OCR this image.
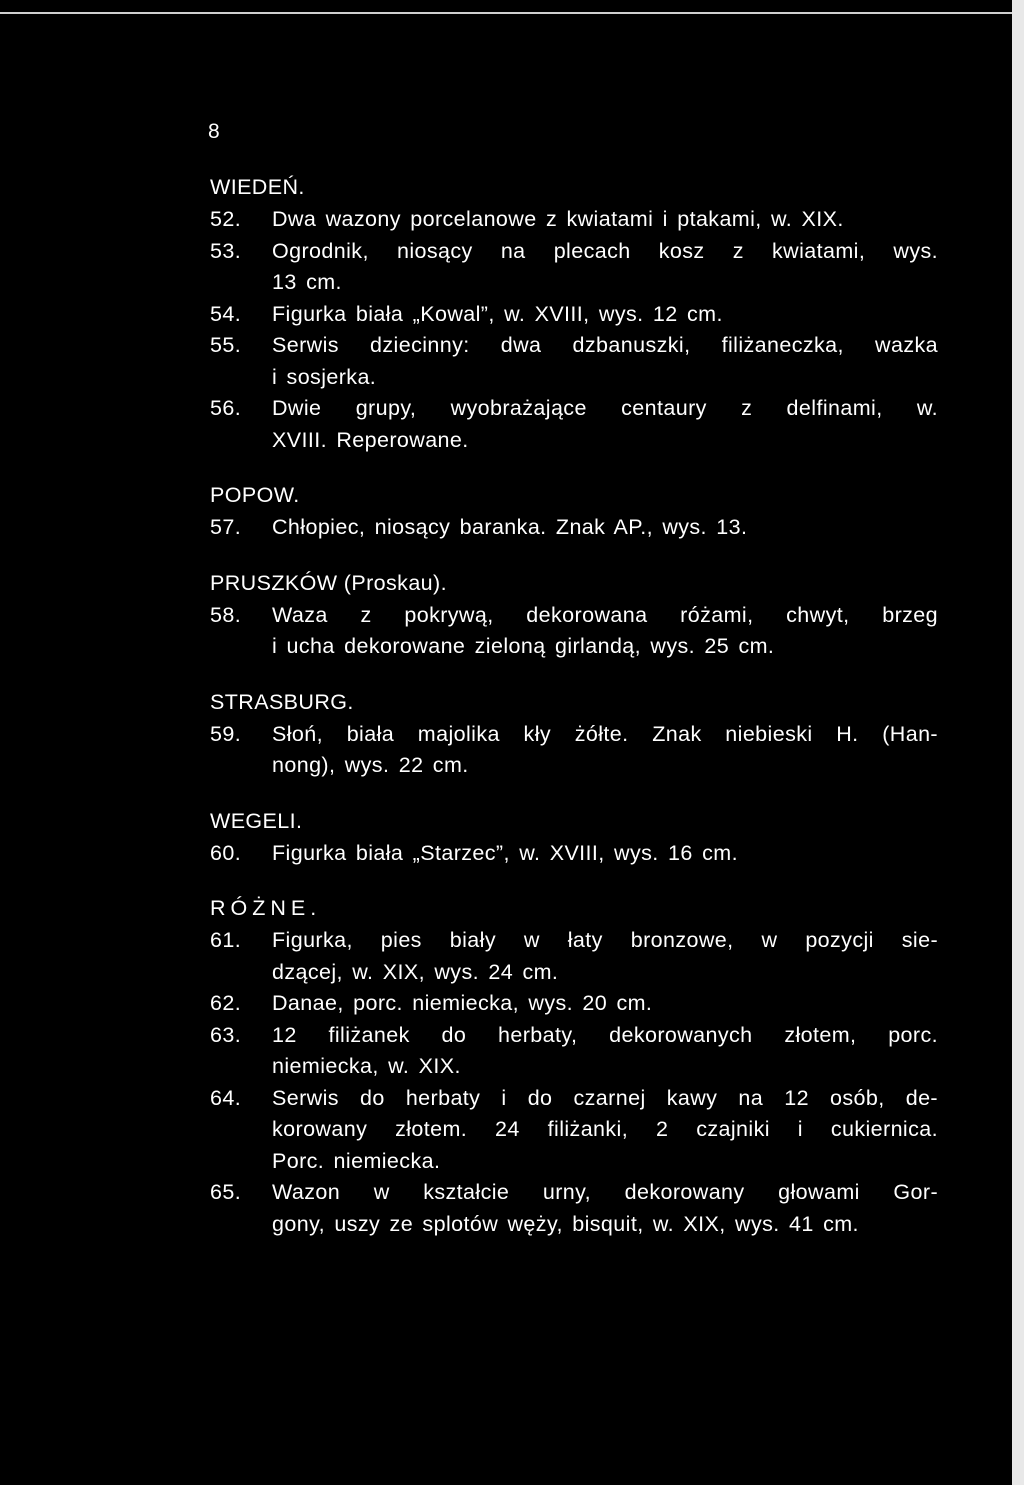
8
WIEDEŃ.
52.	Dwa wazony porcelanowe z kwiatami i ptakami, w. XIX.
53.	Ogrodnik, niosący na plecach kosz z kwiatami, wys.
13 cm.
54.	Figurka biała „Kowal”, w. XVIII, wys. 12 cm.
55.	Serwis dziecinny: dwa dzbanuszki, filiżaneczka, wazka
i sosjerka.
56.	Dwie grupy, wyobrażające centaury z delfinami, w.
XVIII. Reperowane.
POPOW.
57.	Chłopiec, niosący baranka. Znak AP., wys. 13.
PRUSZKÓW (Proskau).
58.	Waza z pokrywą, dekorowana różami, chwyt, brzeg
i ucha dekorowane zieloną girlandą, wys. 25 cm.
STRASBURG.
59.	Słoń, biała majolika kły żółte. Znak niebieski H. (Han-
nong), wys. 22 cm.
WEGELI.
60.	Figurka biała „Starzec”, w. XVIII, wys. 16 cm.
RÓŻNE.
61.	Figurka, pies biały w łaty bronzowe, w pozycji sie-
dzącej, w. XIX, wys. 24 cm.
62.	Danae, porc. niemiecka, wys. 20 cm.
63.	12 filiżanek do herbaty, dekorowanych złotem, porc.
niemiecka, w. XIX.
64.	Serwis do herbaty i do czarnej kawy na 12 osób, de-
korowany złotem. 24 filiżanki, 2 czajniki i cukiernica.
Porc. niemiecka.
65.	Wazon w kształcie urny, dekorowany głowami Gor-
gony, uszy ze splotów węży, bisquit, w. XIX, wys. 41 cm.
